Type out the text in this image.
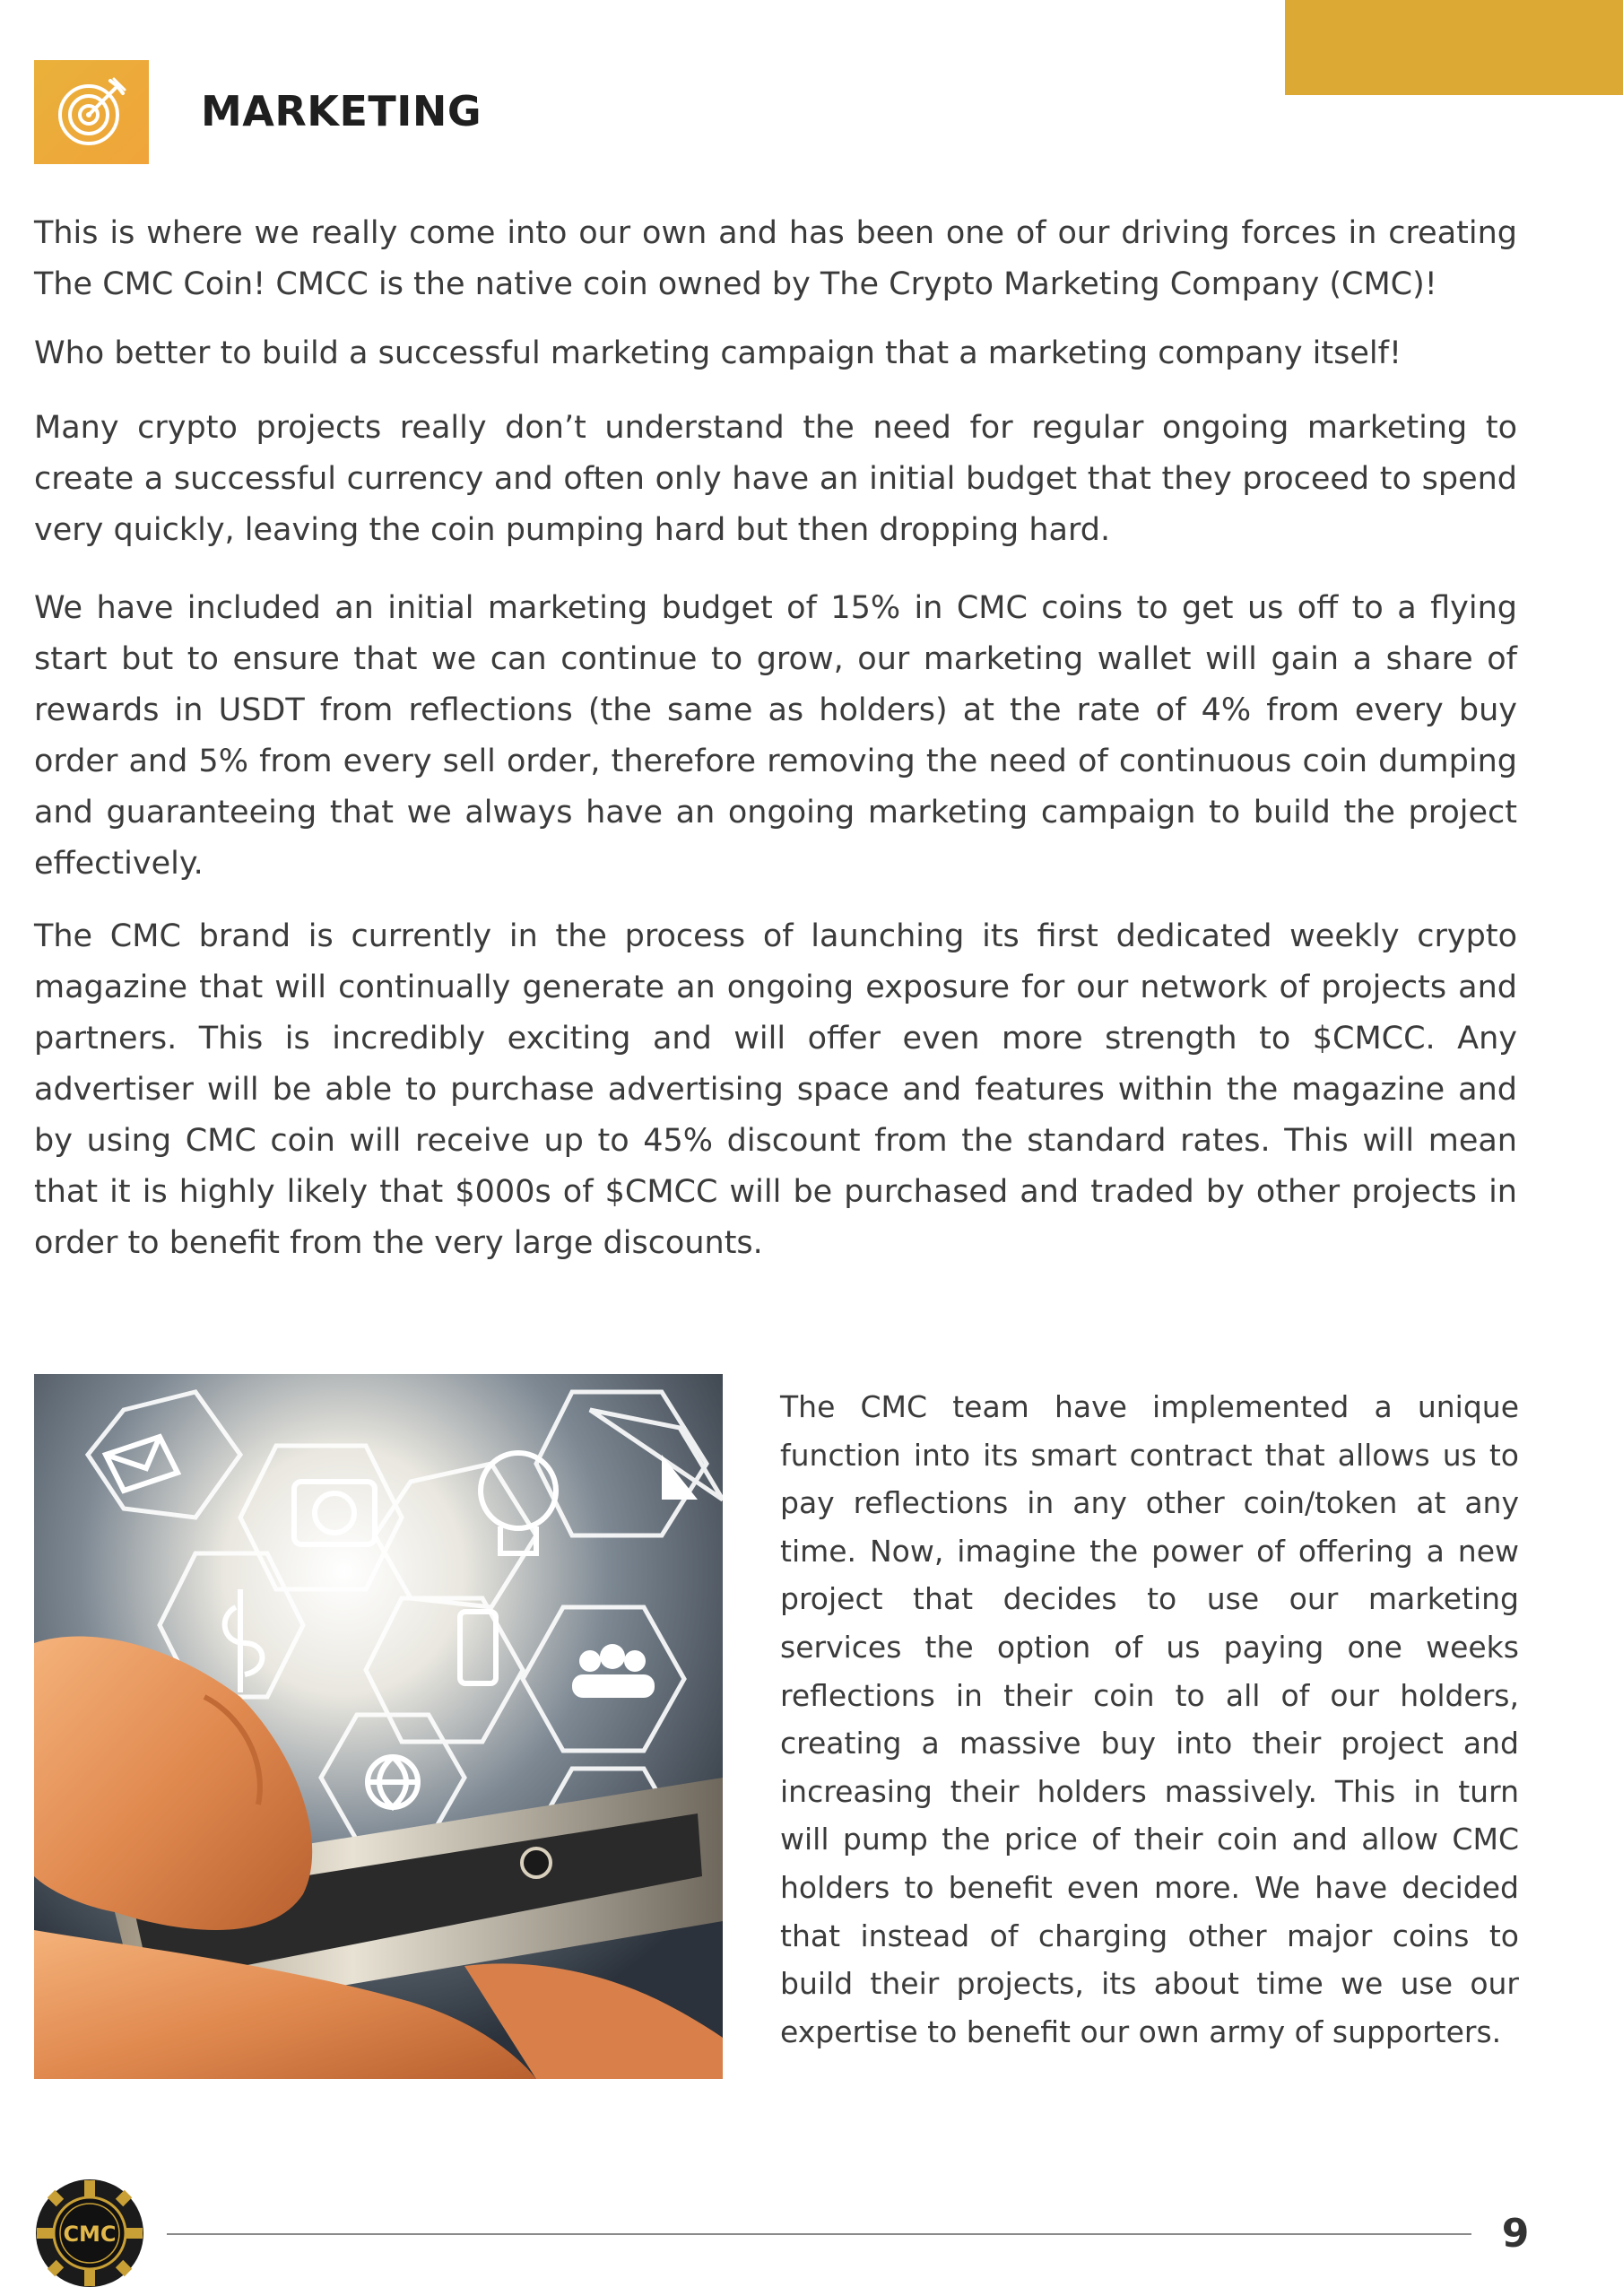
MARKETING

This is where we really come into our own and has been one of our driving forces in creating The CMC Coin! CMCC is the native coin owned by The Crypto Marketing Company (CMC)!

Who better to build a successful marketing campaign that a marketing company itself!

Many crypto projects really don’t understand the need for regular ongoing marketing to create a successful currency and often only have an initial budget that they proceed to spend very quickly, leaving the coin pumping hard but then dropping hard.

We have included an initial marketing budget of 15% in CMC coins to get us off to a flying start but to ensure that we can continue to grow, our marketing wallet will gain a share of rewards in USDT from reflections (the same as holders) at the rate of 4% from every buy order and 5% from every sell order, therefore removing the need of continuous coin dumping and guaranteeing that we always have an ongoing marketing campaign to build the project effectively.

The CMC brand is currently in the process of launching its first dedicated weekly crypto magazine that will continually generate an ongoing exposure for our network of projects and partners. This is incredibly exciting and will offer even more strength to $CMCC. Any advertiser will be able to purchase advertising space and features within the magazine and by using CMC coin will receive up to 45% discount from the standard rates. This will mean that it is highly likely that $000s of $CMCC will be purchased and traded by other projects in order to benefit from the very large discounts.

The CMC team have implemented a unique function into its smart contract that allows us to pay reflections in any other coin/token at any time. Now, imagine the power of offering a new project that decides to use our marketing services the option of us paying one weeks reflections in their coin to all of our holders, creating a massive buy into their project and increasing their holders massively. This in turn will pump the price of their coin and allow CMC holders to benefit even more. We have decided that instead of charging other major coins to build their projects, its about time we use our expertise to benefit our own army of supporters.

CMC	9
